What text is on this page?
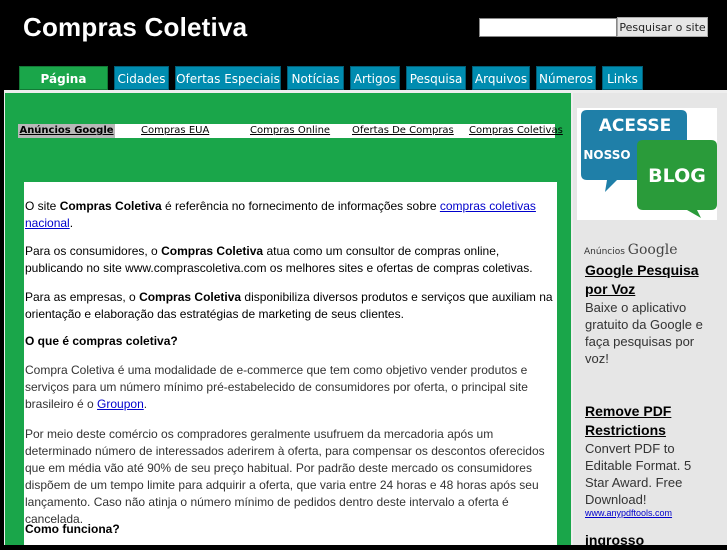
Compras Coletiva	Pesquisar o site
Página	Cidades Ofertas Especiais Notícias	Artigos	Pesquisa	Arquivos Números	Links
Anúncios Google	Compras EUA	Compras Online Ofertas De Compras Compras Coletivas

O site Compras Coletiva é referência no fornecimento de informações sobre compras coletivas nacional.

Para os consumidores, o Compras Coletiva atua como um consultor de compras online, publicando no site www.comprascoletiva.com os melhores sites e ofertas de compras coletivas.

Para as empresas, o Compras Coletiva disponibiliza diversos produtos e serviços que auxiliam na orientação e elaboração das estratégias de marketing de seus clientes.

O que é compras coletiva?

Compra Coletiva é uma modalidade de e-commerce que tem como objetivo vender produtos e serviços para um número mínimo pré-estabelecido de consumidores por oferta, o principal site brasileiro é o Groupon.

Por meio deste comércio os compradores geralmente usufruem da mercadoria após um determinado número de interessados aderirem à oferta, para compensar os descontos oferecidos que em média vão até 90% de seu preço habitual. Por padrão deste mercado os consumidores dispõem de um tempo limite para adquirir a oferta, que varia entre 24 horas e 48 horas após seu lançamento. Caso não atinja o número mínimo de pedidos dentro deste intervalo a oferta é cancelada.

Como funciona?

ACESSE
NOSSO
BLOG
Anúncios Google
Google Pesquisa por Voz
Baixe o aplicativo gratuito da Google e faça pesquisas por voz!
Remove PDF Restrictions
Convert PDF to Editable Format. 5 Star Award. Free Download!
www.anypdftools.com
ingrosso
